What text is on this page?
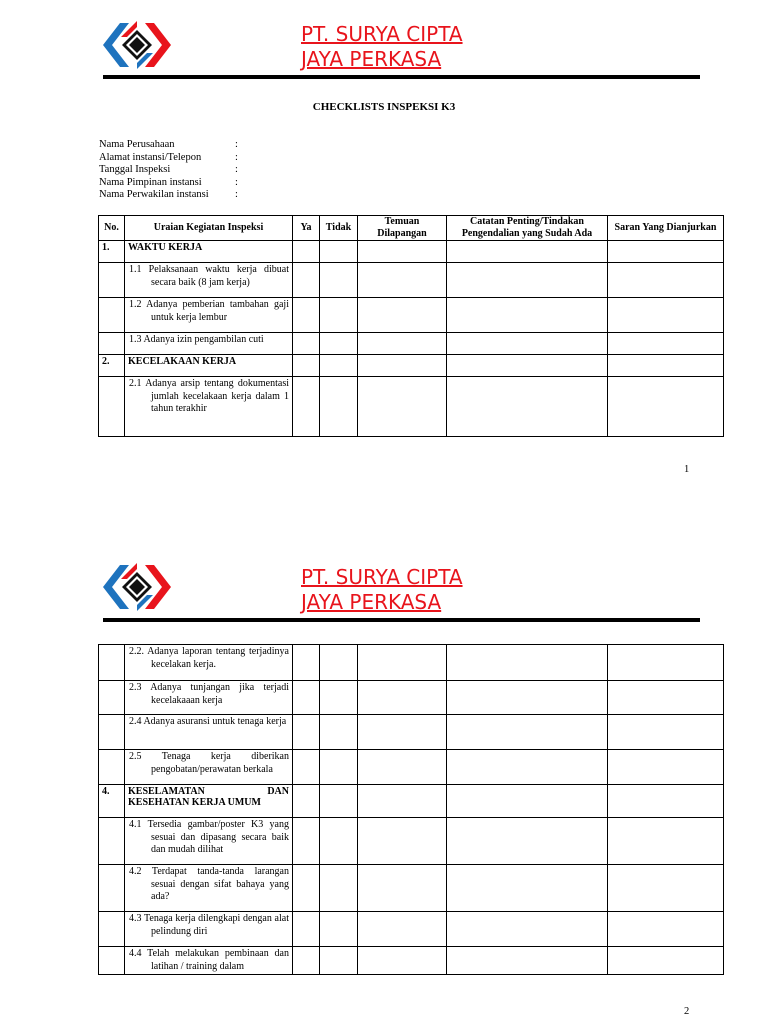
PT. SURYA CIPTA
JAYA PERKASA
CHECKLISTS INSPEKSI K3
Nama Perusahaan	:
Alamat instansi/Telepon	:
Tanggal Inspeksi	:
Nama Pimpinan instansi	:
Nama Perwakilan instansi	:
No.	Uraian Kegiatan Inspeksi	Ya	Tidak	Temuan Dilapangan	Catatan Penting/Tindakan Pengendalian yang Sudah Ada	Saran Yang Dianjurkan
1.	WAKTU KERJA					

	1.1 Pelaksanaan waktu kerja dibuat secara baik (8 jam kerja)					

	1.2 Adanya pemberian tambahan gaji untuk kerja lembur					

	1.3 Adanya izin pengambilan cuti					

2.	KECELAKAAN KERJA					

	2.1 Adanya arsip tentang dokumentasi jumlah kecelakaan kerja dalam 1 tahun terakhir					

1
PT. SURYA CIPTA
JAYA PERKASA

	2.2. Adanya laporan tentang terjadinya kecelakan kerja.					

	2.3 Adanya tunjangan jika terjadi kecelakaaan kerja					

	2.4 Adanya asuransi untuk tenaga kerja					

	2.5 Tenaga kerja diberikan pengobatan/perawatan berkala					

4.	KESELAMATAN DAN KESEHATAN KERJA UMUM					

	4.1 Tersedia gambar/poster K3 yang sesuai dan dipasang secara baik dan mudah dilihat					

	4.2 Terdapat tanda-tanda larangan sesuai dengan sifat bahaya yang ada?					

	4.3 Tenaga kerja dilengkapi dengan alat pelindung diri					

	4.4 Telah melakukan pembinaan dan latihan / training dalam					

2
